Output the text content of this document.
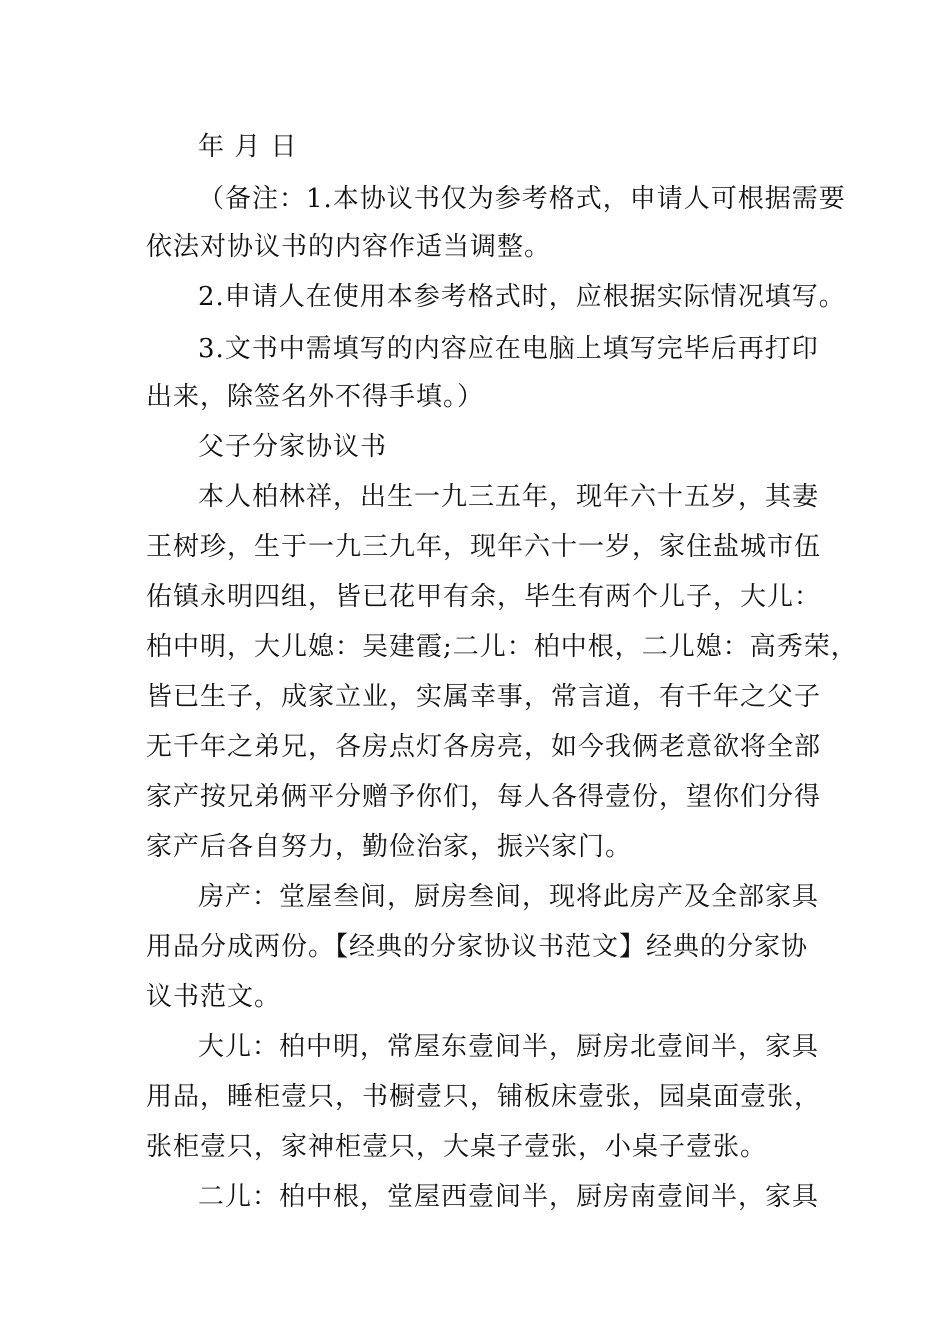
年 月 日
（备注：1.本协议书仅为参考格式，申请人可根据需要
依法对协议书的内容作适当调整。
2.申请人在使用本参考格式时，应根据实际情况填写。
3.文书中需填写的内容应在电脑上填写完毕后再打印
出来，除签名外不得手填。）
父子分家协议书
本人柏林祥，出生一九三五年，现年六十五岁，其妻
王树珍，生于一九三九年，现年六十一岁，家住盐城市伍
佑镇永明四组，皆已花甲有余，毕生有两个儿子，大儿：
柏中明，大儿媳：吴建霞;二儿：柏中根，二儿媳：高秀荣，
皆已生子，成家立业，实属幸事，常言道，有千年之父子
无千年之弟兄，各房点灯各房亮，如今我俩老意欲将全部
家产按兄弟俩平分赠予你们，每人各得壹份，望你们分得
家产后各自努力，勤俭治家，振兴家门。
房产：堂屋叁间，厨房叁间，现将此房产及全部家具
用品分成两份。【经典的分家协议书范文】经典的分家协
议书范文。
大儿：柏中明，常屋东壹间半，厨房北壹间半，家具
用品，睡柜壹只，书橱壹只，铺板床壹张，园桌面壹张，
张柜壹只，家神柜壹只，大桌子壹张，小桌子壹张。
二儿：柏中根，堂屋西壹间半，厨房南壹间半，家具
